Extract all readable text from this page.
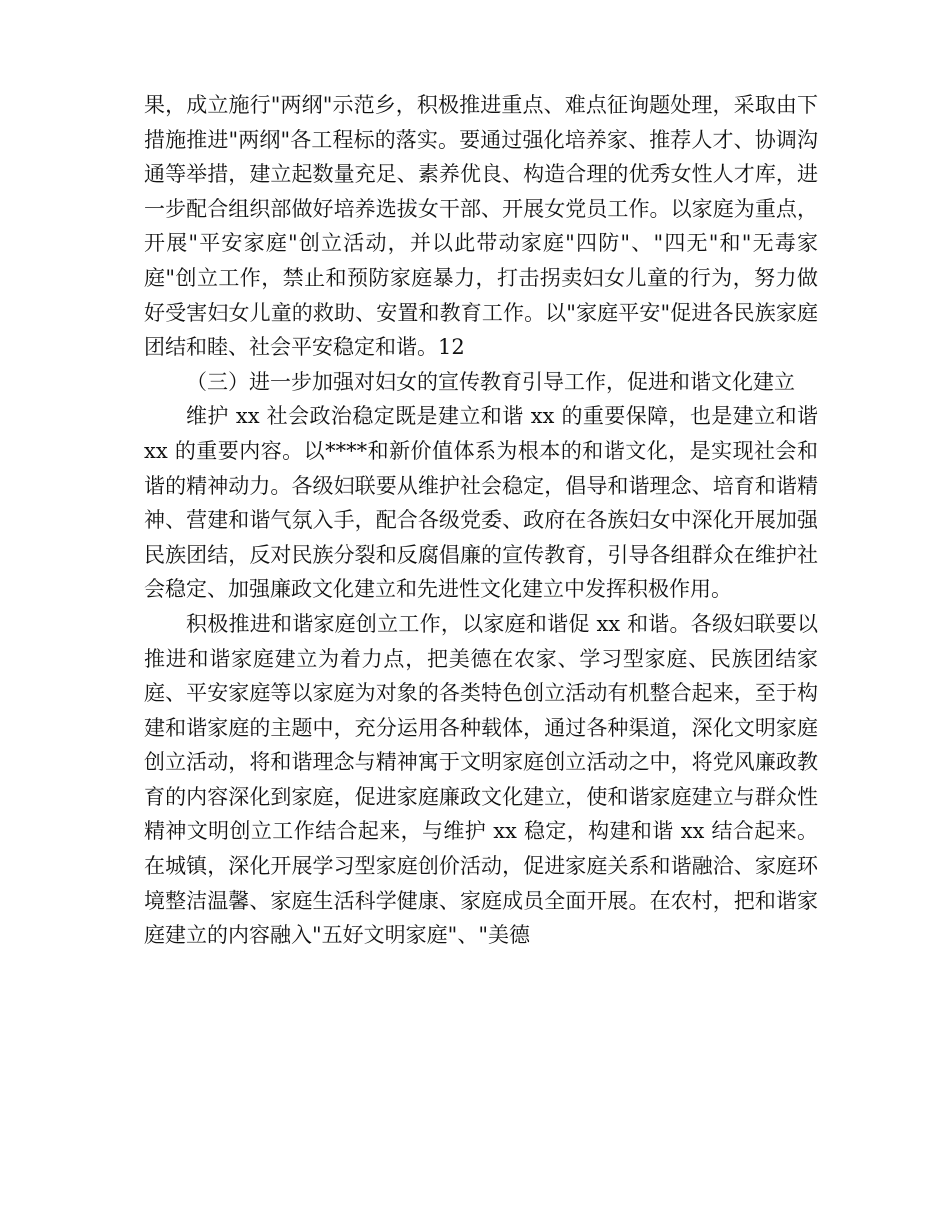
果，成立施行"两纲"示范乡，积极推进重点、难点征询题处理，采取由下措施推进"两纲"各工程标的落实。要通过强化培养家、推荐人才、协调沟通等举措，建立起数量充足、素养优良、构造合理的优秀女性人才库，进一步配合组织部做好培养选拔女干部、开展女党员工作。以家庭为重点，开展"平安家庭"创立活动，并以此带动家庭"四防"、"四无"和"无毒家庭"创立工作，禁止和预防家庭暴力，打击拐卖妇女儿童的行为，努力做好受害妇女儿童的救助、安置和教育工作。以"家庭平安"促进各民族家庭团结和睦、社会平安稳定和谐。12

（三）进一步加强对妇女的宣传教育引导工作，促进和谐文化建立

维护 xx 社会政治稳定既是建立和谐 xx 的重要保障，也是建立和谐 xx 的重要内容。以****和新价值体系为根本的和谐文化，是实现社会和谐的精神动力。各级妇联要从维护社会稳定，倡导和谐理念、培育和谐精神、营建和谐气氛入手，配合各级党委、政府在各族妇女中深化开展加强民族团结，反对民族分裂和反腐倡廉的宣传教育，引导各组群众在维护社会稳定、加强廉政文化建立和先进性文化建立中发挥积极作用。

积极推进和谐家庭创立工作，以家庭和谐促 xx 和谐。各级妇联要以推进和谐家庭建立为着力点，把美德在农家、学习型家庭、民族团结家庭、平安家庭等以家庭为对象的各类特色创立活动有机整合起来，至于构建和谐家庭的主题中，充分运用各种载体，通过各种渠道，深化文明家庭创立活动，将和谐理念与精神寓于文明家庭创立活动之中，将党风廉政教育的内容深化到家庭，促进家庭廉政文化建立，使和谐家庭建立与群众性精神文明创立工作结合起来，与维护 xx 稳定，构建和谐 xx 结合起来。在城镇，深化开展学习型家庭创价活动，促进家庭关系和谐融洽、家庭环境整洁温馨、家庭生活科学健康、家庭成员全面开展。在农村，把和谐家庭建立的内容融入"五好文明家庭"、"美德
